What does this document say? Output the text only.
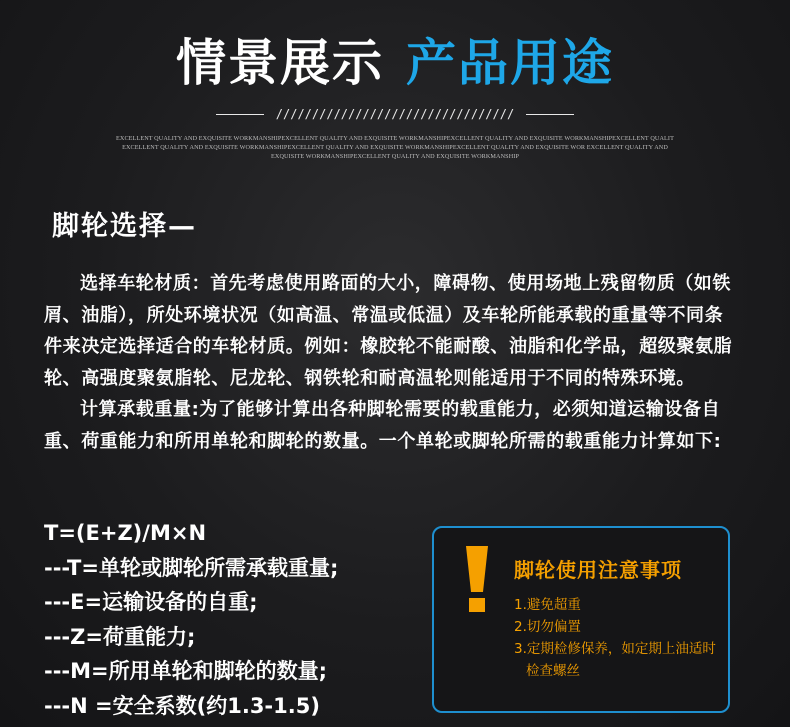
情景展示 产品用途
/////////////////////////////////
EXCELLENT QUALITY AND EXQUISITE WORKMANSHIPEXCELLENT QUALITY AND EXQUISITE WORKMANSHIPEXCELLENT QUALITY AND EXQUISITE WORKMANSHIPEXCELLENT QUALIT EXCELLENT QUALITY AND EXQUISITE WORKMANSHIPEXCELLENT QUALITY AND EXQUISITE WORKMANSHIPEXCELLENT QUALITY AND EXQUISITE WOR EXCELLENT QUALITY AND EXQUISITE WORKMANSHIPEXCELLENT QUALITY AND EXQUISITE WORKMANSHIP
脚轮选择—

选择车轮材质：首先考虑使用路面的大小，障碍物、使用场地上残留物质（如铁屑、油脂），所处环境状况（如高温、常温或低温）及车轮所能承载的重量等不同条件来决定选择适合的车轮材质。例如：橡胶轮不能耐酸、油脂和化学品，超级聚氨脂轮、高强度聚氨脂轮、尼龙轮、钢铁轮和耐高温轮则能适用于不同的特殊环境。

计算承载重量:为了能够计算出各种脚轮需要的载重能力，必须知道运输设备自重、荷重能力和所用单轮和脚轮的数量。一个单轮或脚轮所需的载重能力计算如下:

T=(E+Z)/M×N
---T=单轮或脚轮所需承载重量;
---E=运输设备的自重;
---Z=荷重能力;
---M=所用单轮和脚轮的数量;
---N =安全系数(约1.3-1.5)
脚轮使用注意事项
1.避免超重
2.切勿偏置
3.定期检修保养，如定期上油适时检查螺丝
